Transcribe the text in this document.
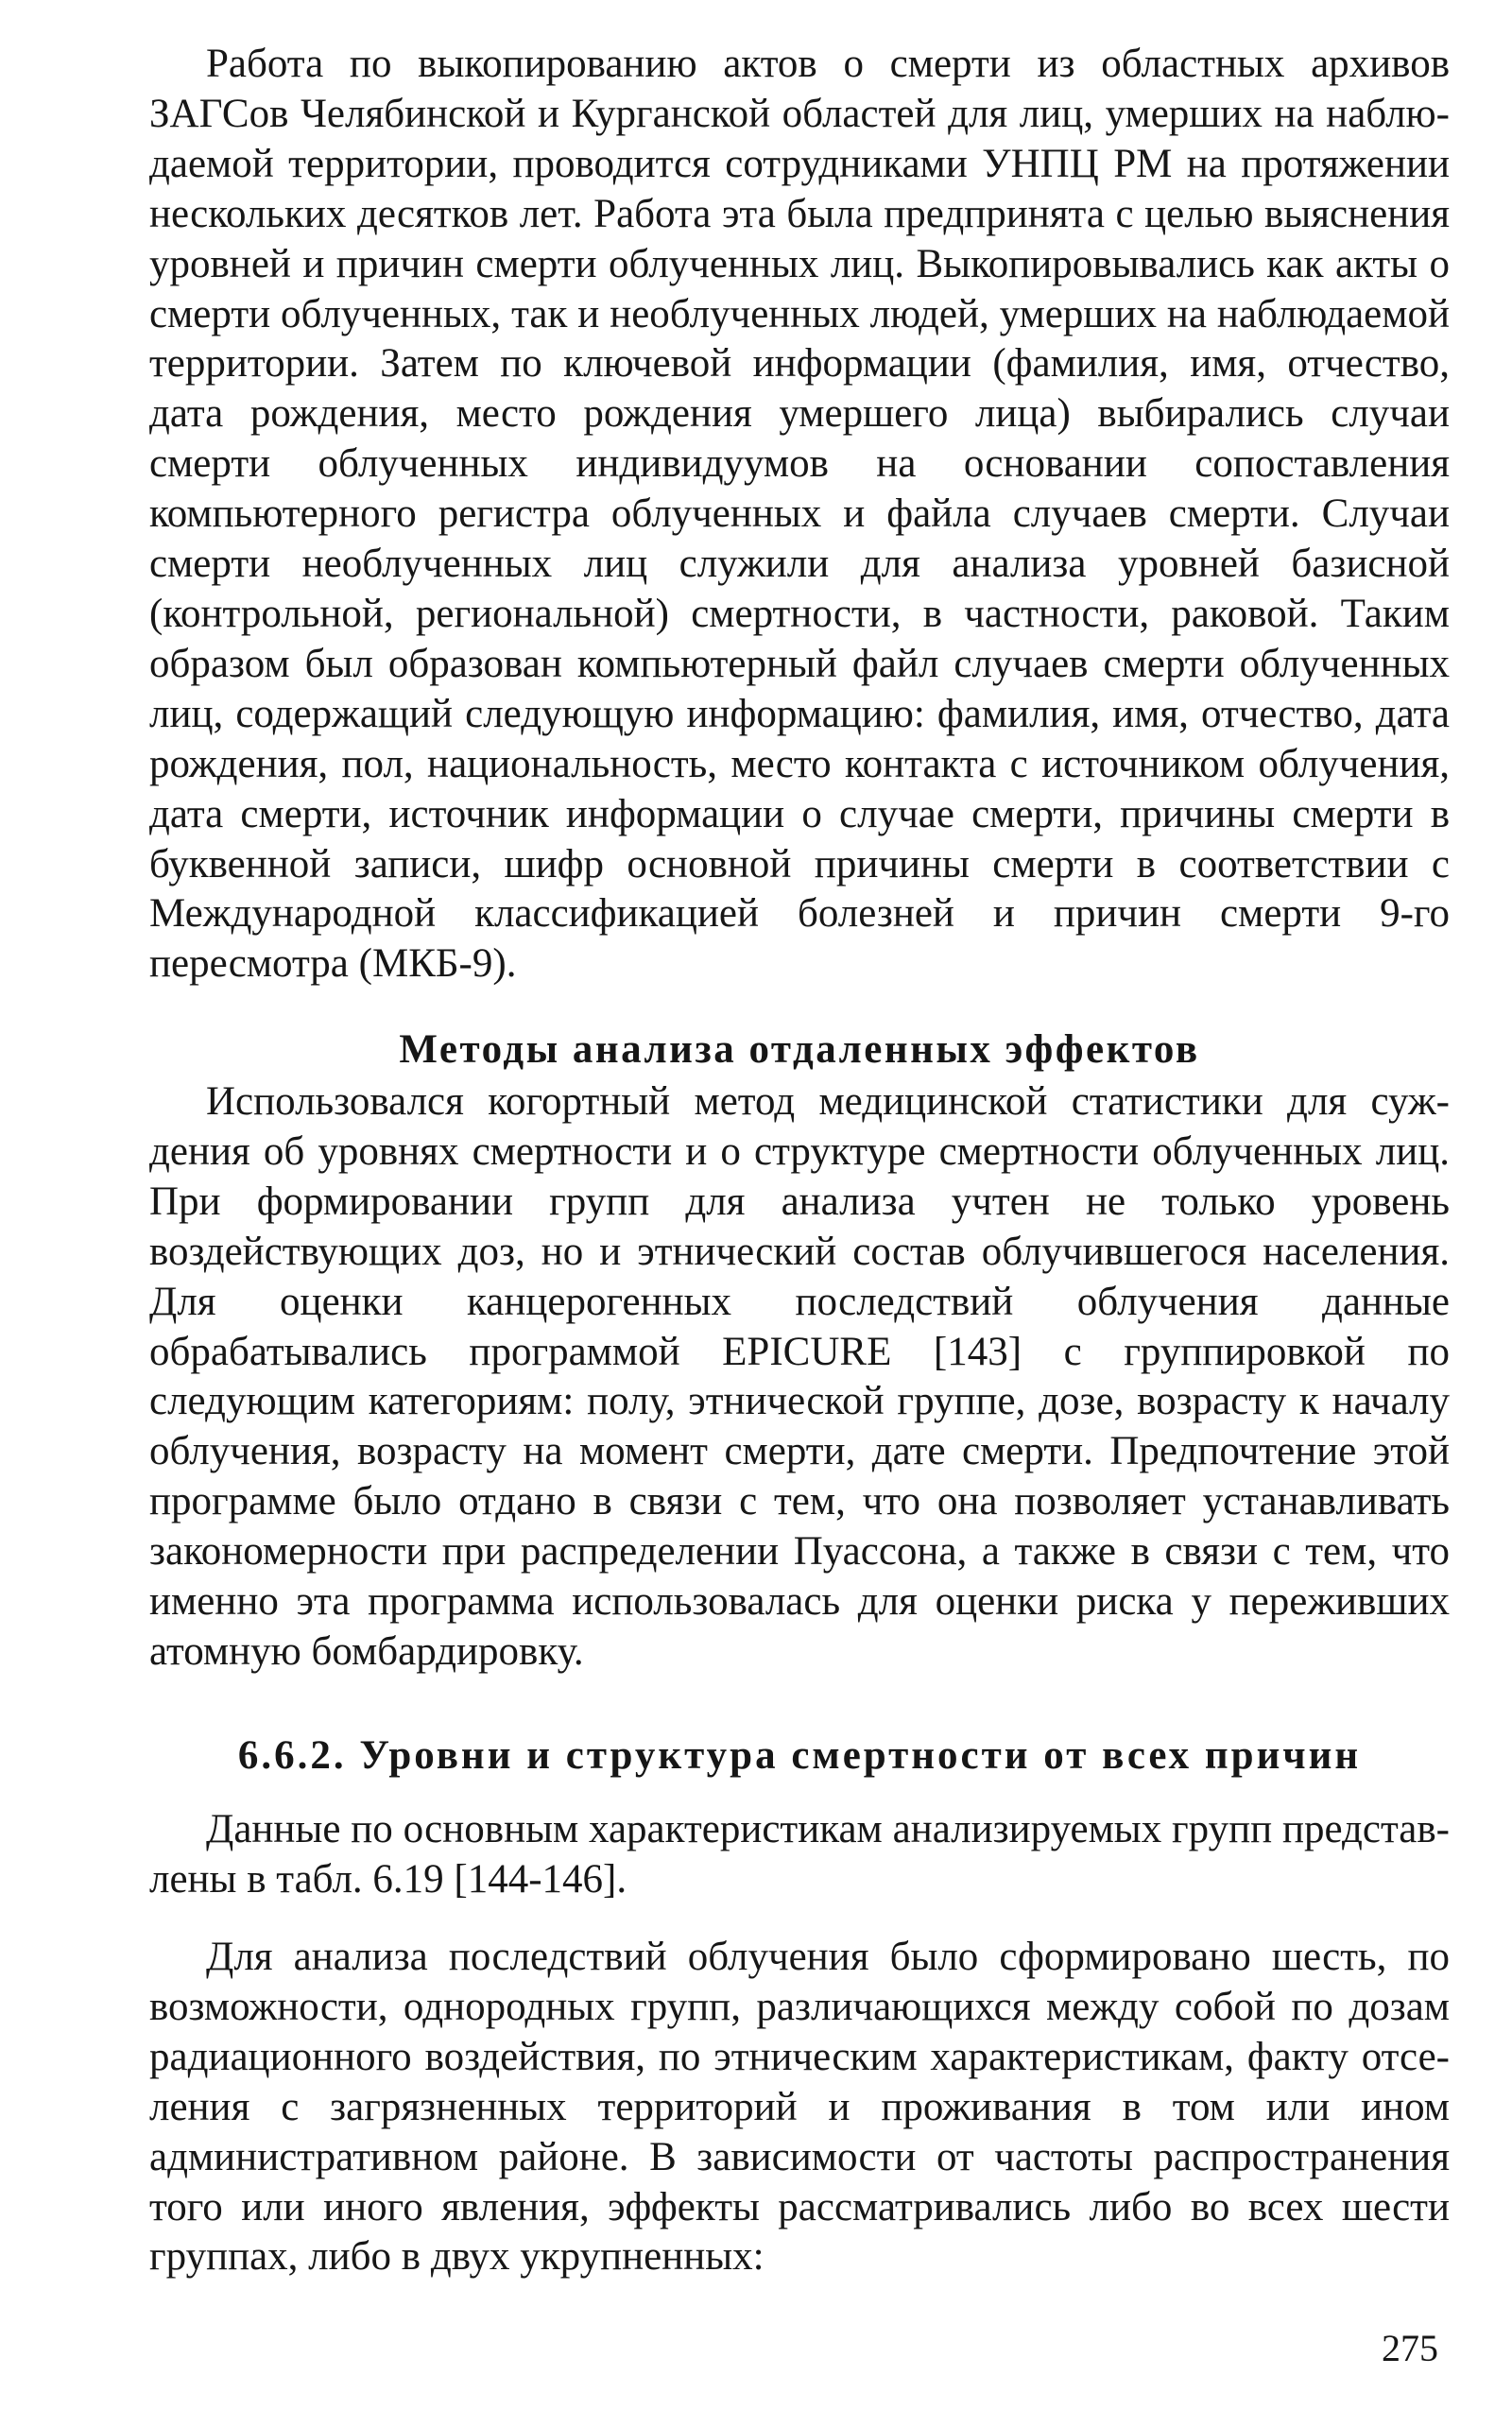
Работа по выкопированию актов о смерти из областных архивов ЗАГСов Челябинской и Курганской областей для лиц, умерших на наблюдаемой территории, проводится сотрудниками УНПЦ РМ на протяжении нескольких десятков лет. Работа эта была предпринята с целью выяснения уровней и причин смерти облученных лиц. Выкопировывались как акты о смерти облученных, так и необлученных людей, умерших на наблюдаемой территории. Затем по ключевой информации (фамилия, имя, отчество, дата рождения, место рождения умершего лица) выбирались случаи смерти облученных индивидуумов на основании сопоставления компьютерного регистра облученных и файла случаев смерти. Случаи смерти необлученных лиц служили для анализа уровней базисной (контрольной, региональной) смертности, в частности, раковой. Таким образом был образован компьютерный файл случаев смерти облученных лиц, содержащий следующую информацию: фамилия, имя, отчество, дата рождения, пол, национальность, место контакта с источником облучения, дата смерти, источник информации о случае смерти, причины смерти в буквенной записи, шифр основной причины смерти в соответствии с Международной классификацией болезней и причин смерти 9-го пересмотра (МКБ-9).

Методы анализа отдаленных эффектов

Использовался когортный метод медицинской статистики для суждения об уровнях смертности и о структуре смертности облученных лиц. При формировании групп для анализа учтен не только уровень воздействующих доз, но и этнический состав облучившегося населения. Для оценки канцерогенных последствий облучения данные обрабатывались программой EPICURE [143] с группировкой по следующим категориям: полу, этнической группе, дозе, возрасту к началу облучения, возрасту на момент смерти, дате смерти. Предпочтение этой программе было отдано в связи с тем, что она позволяет устанавливать закономерности при распределении Пуассона, а также в связи с тем, что именно эта программа использовалась для оценки риска у переживших атомную бомбардировку.

6.6.2. Уровни и структура смертности от всех причин

Данные по основным характеристикам анализируемых групп представлены в табл. 6.19 [144-146].

Для анализа последствий облучения было сформировано шесть, по возможности, однородных групп, различающихся между собой по дозам радиационного воздействия, по этническим характеристикам, факту отселения с загрязненных территорий и проживания в том или ином административном районе. В зависимости от частоты распространения того или иного явления, эффекты рассматривались либо во всех шести группах, либо в двух укрупненных:

275
